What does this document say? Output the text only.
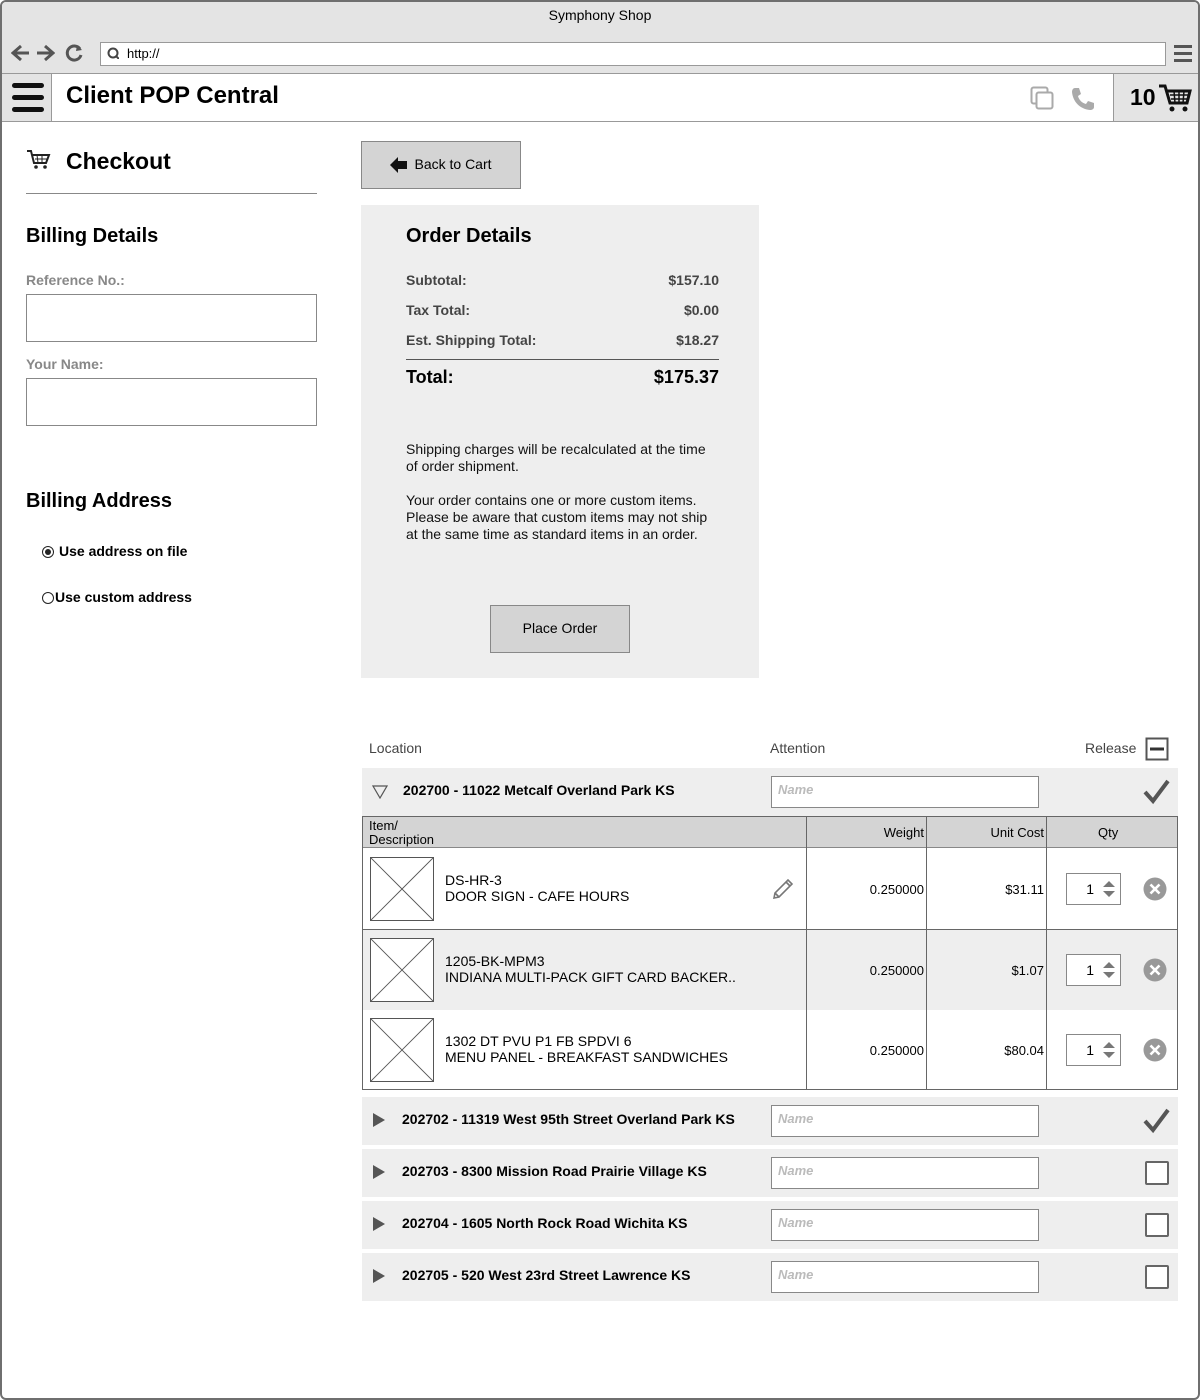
Symphony Shop
http://
Client POP Central	10
Checkout
Billing Details
Reference No.:
Your Name:
Billing Address
Use address on file
Use custom address
Back to Cart
Order Details
Subtotal:	$157.10
Tax Total:	$0.00
Est. Shipping Total:	$18.27
Total:	$175.37
Shipping charges will be recalculated at the time of order shipment.
Your order contains one or more custom items. Please be aware that custom items may not ship at the same time as standard items in an order.
Place Order
Location	Attention	Release
202700 - 11022 Metcalf Overland Park KS	Name
Item/
Description	Weight	Unit Cost	Qty
DS-HR-3
DOOR SIGN - CAFE HOURS	0.250000	$31.11	1
1205-BK-MPM3
INDIANA MULTI-PACK GIFT CARD BACKER..	0.250000	$1.07	1
1302 DT PVU P1 FB SPDVI 6
MENU PANEL - BREAKFAST SANDWICHES	0.250000	$80.04	1
202702 - 11319 West 95th Street Overland Park KS	Name
202703 - 8300 Mission Road Prairie Village KS	Name
202704 - 1605 North Rock Road Wichita KS	Name
202705 - 520 West 23rd Street Lawrence KS	Name
